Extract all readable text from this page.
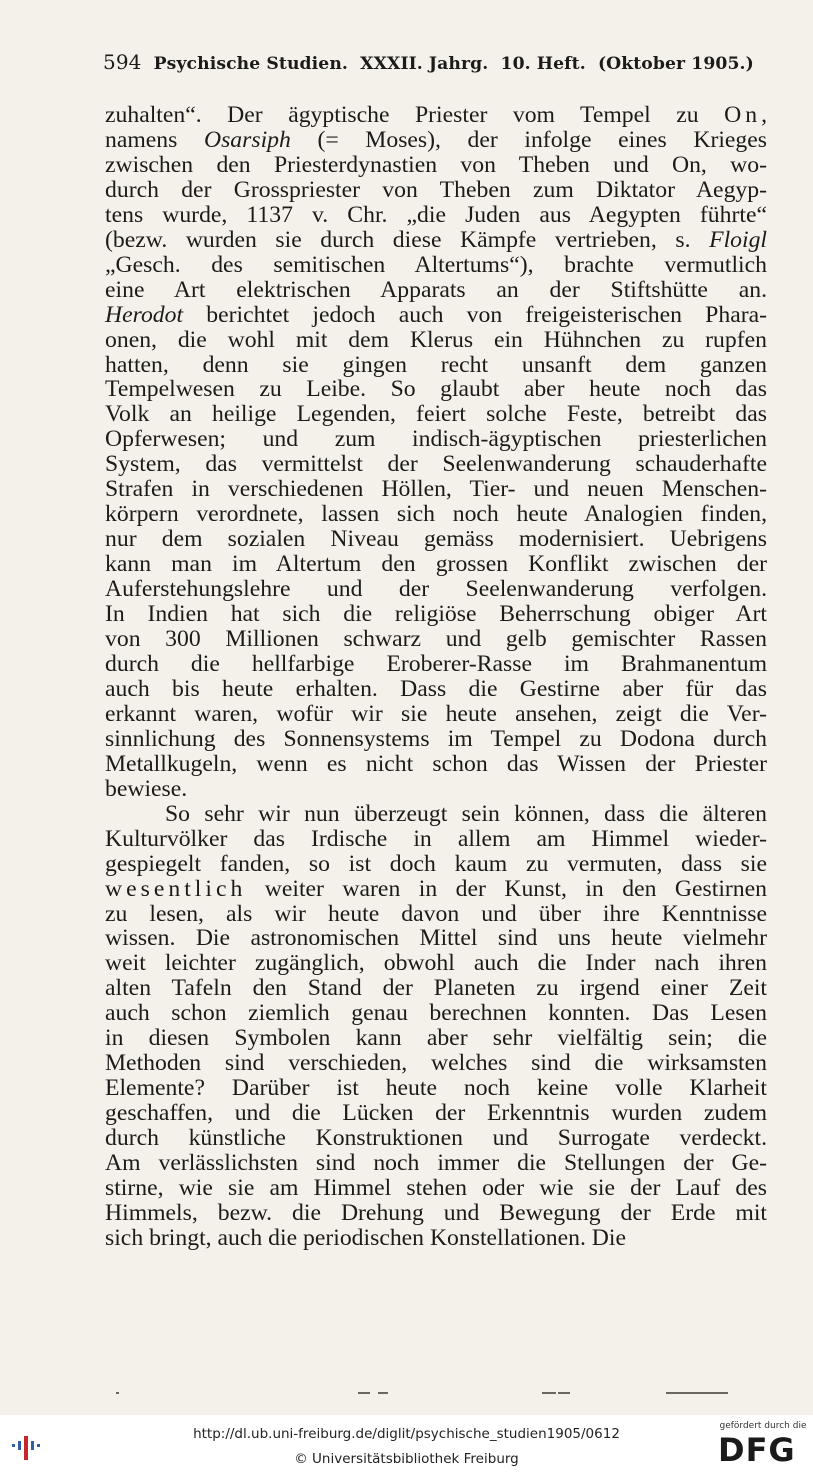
594 Psychische Studien.  XXXII. Jahrg.  10. Heft.  (Oktober 1905.)
zuhalten“. Der ägyptische Priester vom Tempel zu On,
namens Osarsiph (= Moses), der infolge eines Krieges
zwischen den Priesterdynastien von Theben und On, wo-
durch der Grosspriester von Theben zum Diktator Aegyp-
tens wurde, 1137 v. Chr. „die Juden aus Aegypten führte“
(bezw. wurden sie durch diese Kämpfe vertrieben, s. Floigl
„Gesch. des semitischen Altertums“), brachte vermutlich
eine Art elektrischen Apparats an der Stiftshütte an.
Herodot berichtet jedoch auch von freigeisterischen Phara-
onen, die wohl mit dem Klerus ein Hühnchen zu rupfen
hatten, denn sie gingen recht unsanft dem ganzen
Tempelwesen zu Leibe. So glaubt aber heute noch das
Volk an heilige Legenden, feiert solche Feste, betreibt das
Opferwesen; und zum indisch-ägyptischen priesterlichen
System, das vermittelst der Seelenwanderung schauderhafte
Strafen in verschiedenen Höllen, Tier- und neuen Menschen-
körpern verordnete, lassen sich noch heute Analogien finden,
nur dem sozialen Niveau gemäss modernisiert. Uebrigens
kann man im Altertum den grossen Konflikt zwischen der
Auferstehungslehre und der Seelenwanderung verfolgen.
In Indien hat sich die religiöse Beherrschung obiger Art
von 300 Millionen schwarz und gelb gemischter Rassen
durch die hellfarbige Eroberer-Rasse im Brahmanentum
auch bis heute erhalten. Dass die Gestirne aber für das
erkannt waren, wofür wir sie heute ansehen, zeigt die Ver-
sinnlichung des Sonnensystems im Tempel zu Dodona durch
Metallkugeln, wenn es nicht schon das Wissen der Priester
bewiese.
So sehr wir nun überzeugt sein können, dass die älteren
Kulturvölker das Irdische in allem am Himmel wieder-
gespiegelt fanden, so ist doch kaum zu vermuten, dass sie
wesentlich weiter waren in der Kunst, in den Gestirnen
zu lesen, als wir heute davon und über ihre Kenntnisse
wissen. Die astronomischen Mittel sind uns heute vielmehr
weit leichter zugänglich, obwohl auch die Inder nach ihren
alten Tafeln den Stand der Planeten zu irgend einer Zeit
auch schon ziemlich genau berechnen konnten. Das Lesen
in diesen Symbolen kann aber sehr vielfältig sein; die
Methoden sind verschieden, welches sind die wirksamsten
Elemente? Darüber ist heute noch keine volle Klarheit
geschaffen, und die Lücken der Erkenntnis wurden zudem
durch künstliche Konstruktionen und Surrogate verdeckt.
Am verlässlichsten sind noch immer die Stellungen der Ge-
stirne, wie sie am Himmel stehen oder wie sie der Lauf des
Himmels, bezw. die Drehung und Bewegung der Erde mit
sich bringt, auch die periodischen Konstellationen. Die
http://dl.ub.uni-freiburg.de/diglit/psychische_studien1905/0612
© Universitätsbibliothek Freiburg
gefördert durch die
DFG
